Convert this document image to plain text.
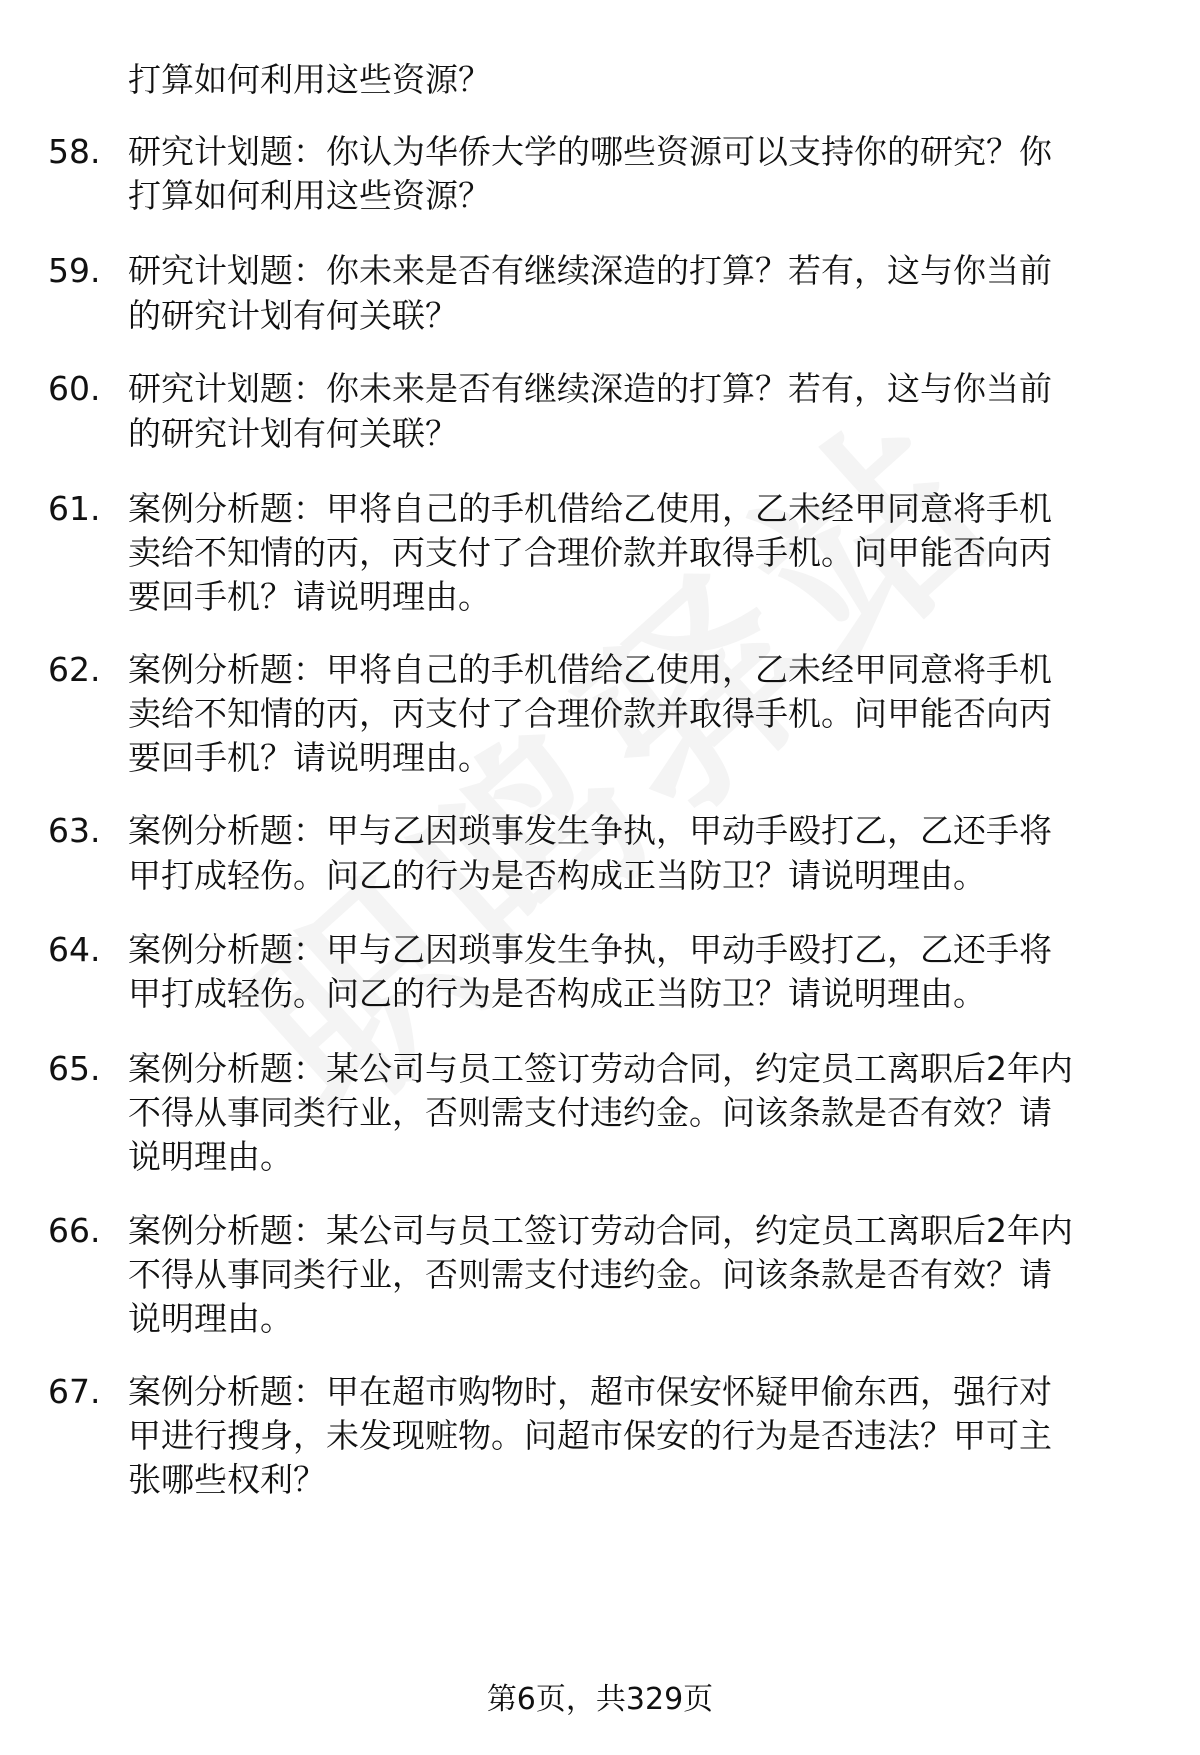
打算如何利用这些资源？
58. 研究计划题：你认为华侨大学的哪些资源可以支持你的研究？你
打算如何利用这些资源？
59. 研究计划题：你未来是否有继续深造的打算？若有，这与你当前
的研究计划有何关联？
60. 研究计划题：你未来是否有继续深造的打算？若有，这与你当前
的研究计划有何关联？
61. 案例分析题：甲将自己的手机借给乙使用，乙未经甲同意将手机
卖给不知情的丙，丙支付了合理价款并取得手机。问甲能否向丙
要回手机？请说明理由。
62. 案例分析题：甲将自己的手机借给乙使用，乙未经甲同意将手机
卖给不知情的丙，丙支付了合理价款并取得手机。问甲能否向丙
要回手机？请说明理由。
63. 案例分析题：甲与乙因琐事发生争执，甲动手殴打乙，乙还手将
甲打成轻伤。问乙的行为是否构成正当防卫？请说明理由。
64. 案例分析题：甲与乙因琐事发生争执，甲动手殴打乙，乙还手将
甲打成轻伤。问乙的行为是否构成正当防卫？请说明理由。
65. 案例分析题：某公司与员工签订劳动合同，约定员工离职后2年内
不得从事同类行业，否则需支付违约金。问该条款是否有效？请
说明理由。
66. 案例分析题：某公司与员工签订劳动合同，约定员工离职后2年内
不得从事同类行业，否则需支付违约金。问该条款是否有效？请
说明理由。
67. 案例分析题：甲在超市购物时，超市保安怀疑甲偷东西，强行对
甲进行搜身，未发现赃物。问超市保安的行为是否违法？甲可主
张哪些权利？
第6页，共329页
